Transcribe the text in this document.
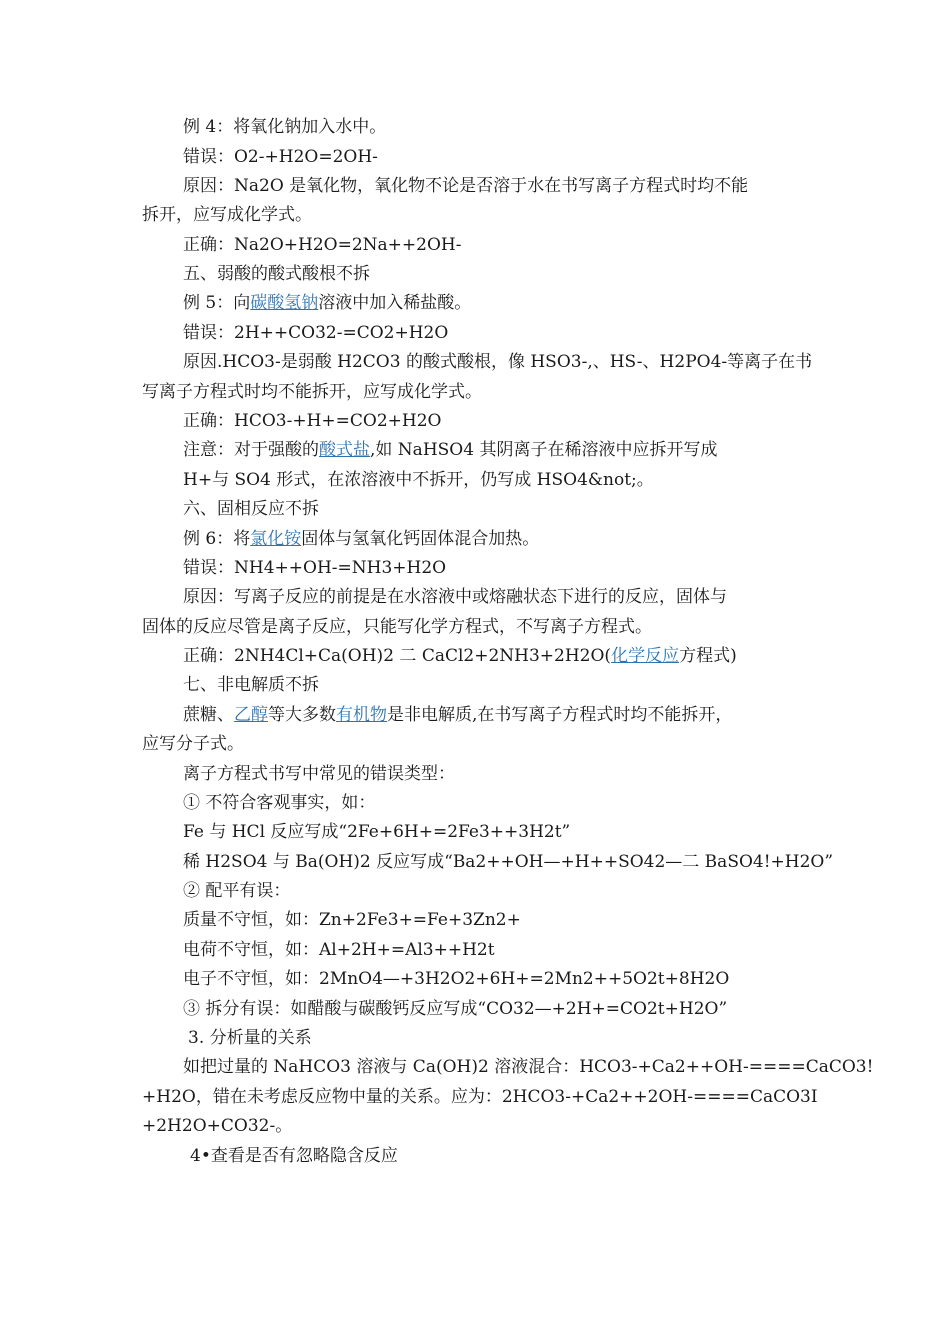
例 4：将氧化钠加入水中。
错误：O2-+H2O=2OH-
原因：Na2O 是氧化物，氧化物不论是否溶于水在书写离子方程式时均不能
拆开，应写成化学式。
正确：Na2O+H2O=2Na++2OH-
五、弱酸的酸式酸根不拆
例 5：向碳酸氢钠溶液中加入稀盐酸。
错误：2H++CO32-=CO2+H2O
原因.HCO3-是弱酸 H2CO3 的酸式酸根，像 HSO3-,、HS-、H2PO4-等离子在书
写离子方程式时均不能拆开，应写成化学式。
正确：HCO3-+H+=CO2+H2O
注意：对于强酸的酸式盐,如 NaHSO4 其阴离子在稀溶液中应拆开写成
H+与 SO4 形式，在浓溶液中不拆开，仍写成 HSO4&not;。
六、固相反应不拆
例 6：将氯化铵固体与氢氧化钙固体混合加热。
错误：NH4++OH-=NH3+H2O
原因：写离子反应的前提是在水溶液中或熔融状态下进行的反应，固体与
固体的反应尽管是离子反应，只能写化学方程式，不写离子方程式。
正确：2NH4Cl+Ca(OH)2 二 CaCl2+2NH3+2H2O(化学反应方程式)
七、非电解质不拆
蔗糖、乙醇等大多数有机物是非电解质,在书写离子方程式时均不能拆开，
应写分子式。
离子方程式书写中常见的错误类型：
① 不符合客观事实，如：
Fe 与 HCl 反应写成“2Fe+6H+=2Fe3++3H2t”
稀 H2SO4 与 Ba(OH)2 反应写成“Ba2++OH—+H++SO42—二 BaSO4!+H2O”
② 配平有误：
质量不守恒，如：Zn+2Fe3+=Fe+3Zn2+
电荷不守恒，如：Al+2H+=Al3++H2t
电子不守恒，如：2MnO4—+3H2O2+6H+=2Mn2++5O2t+8H2O
③ 拆分有误：如醋酸与碳酸钙反应写成“CO32—+2H+=CO2t+H2O”
3. 分析量的关系
如把过量的 NaHCO3 溶液与 Ca(OH)2 溶液混合：HCO3-+Ca2++OH-====CaCO3!
+H2O，错在未考虑反应物中量的关系。应为：2HCO3-+Ca2++2OH-====CaCO3I
+2H2O+CO32-。
4•查看是否有忽略隐含反应
